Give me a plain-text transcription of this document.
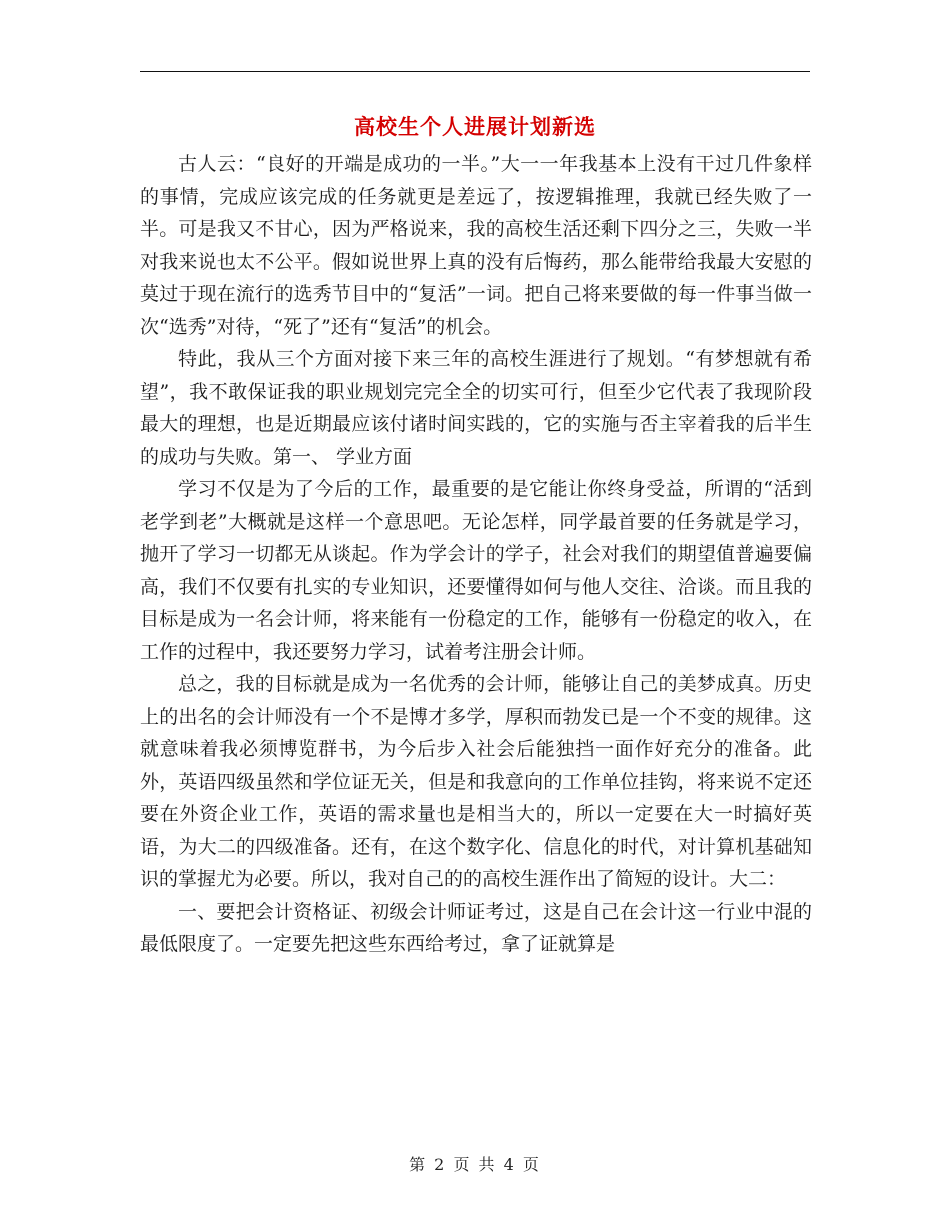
高校生个人进展计划新选

古人云：“良好的开端是成功的一半。”大一一年我基本上没有干过几件象样的事情，完成应该完成的任务就更是差远了，按逻辑推理，我就已经失败了一半。可是我又不甘心，因为严格说来，我的高校生活还剩下四分之三，失败一半对我来说也太不公平。假如说世界上真的没有后悔药，那么能带给我最大安慰的莫过于现在流行的选秀节目中的“复活”一词。把自己将来要做的每一件事当做一次“选秀”对待，“死了”还有“复活”的机会。

特此，我从三个方面对接下来三年的高校生涯进行了规划。“有梦想就有希望”，我不敢保证我的职业规划完完全全的切实可行，但至少它代表了我现阶段最大的理想，也是近期最应该付诸时间实践的，它的实施与否主宰着我的后半生的成功与失败。第一、 学业方面

学习不仅是为了今后的工作，最重要的是它能让你终身受益，所谓的“活到老学到老”大概就是这样一个意思吧。无论怎样，同学最首要的任务就是学习，抛开了学习一切都无从谈起。作为学会计的学子，社会对我们的期望值普遍要偏高，我们不仅要有扎实的专业知识，还要懂得如何与他人交往、洽谈。而且我的目标是成为一名会计师，将来能有一份稳定的工作，能够有一份稳定的收入，在工作的过程中，我还要努力学习，试着考注册会计师。

总之，我的目标就是成为一名优秀的会计师，能够让自己的美梦成真。历史上的出名的会计师没有一个不是博才多学，厚积而勃发已是一个不变的规律。这就意味着我必须博览群书，为今后步入社会后能独挡一面作好充分的准备。此外，英语四级虽然和学位证无关，但是和我意向的工作单位挂钩，将来说不定还要在外资企业工作，英语的需求量也是相当大的，所以一定要在大一时搞好英语，为大二的四级准备。还有，在这个数字化、信息化的时代，对计算机基础知识的掌握尤为必要。所以，我对自己的的高校生涯作出了简短的设计。大二：

一、要把会计资格证、初级会计师证考过，这是自己在会计这一行业中混的最低限度了。一定要先把这些东西给考过，拿了证就算是

第 2 页 共 4 页
